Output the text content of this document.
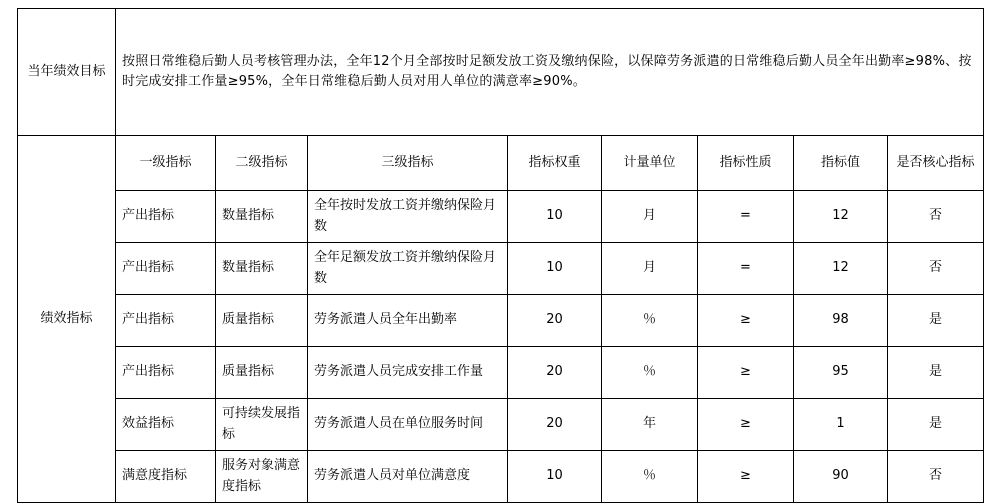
当年绩效目标	按照日常维稳后勤人员考核管理办法，全年12个月全部按时足额发放工资及缴纳保险，以保障劳务派遣的日常维稳后勤人员全年出勤率≥98%、按时完成安排工作量≥95%，全年日常维稳后勤人员对用人单位的满意率≥90%。							
绩效指标	一级指标	二级指标	三级指标	指标权重	计量单位	指标性质	指标值	是否核心指标
	产出指标	数量指标	全年按时发放工资并缴纳保险月数	10	月	=	12	否
	产出指标	数量指标	全年足额发放工资并缴纳保险月数	10	月	=	12	否
	产出指标	质量指标	劳务派遣人员全年出勤率	20	％	≥	98	是
	产出指标	质量指标	劳务派遣人员完成安排工作量	20	％	≥	95	是
	效益指标	可持续发展指标	劳务派遣人员在单位服务时间	20	年	≥	1	是
	满意度指标	服务对象满意度指标	劳务派遣人员对单位满意度	10	％	≥	90	否
